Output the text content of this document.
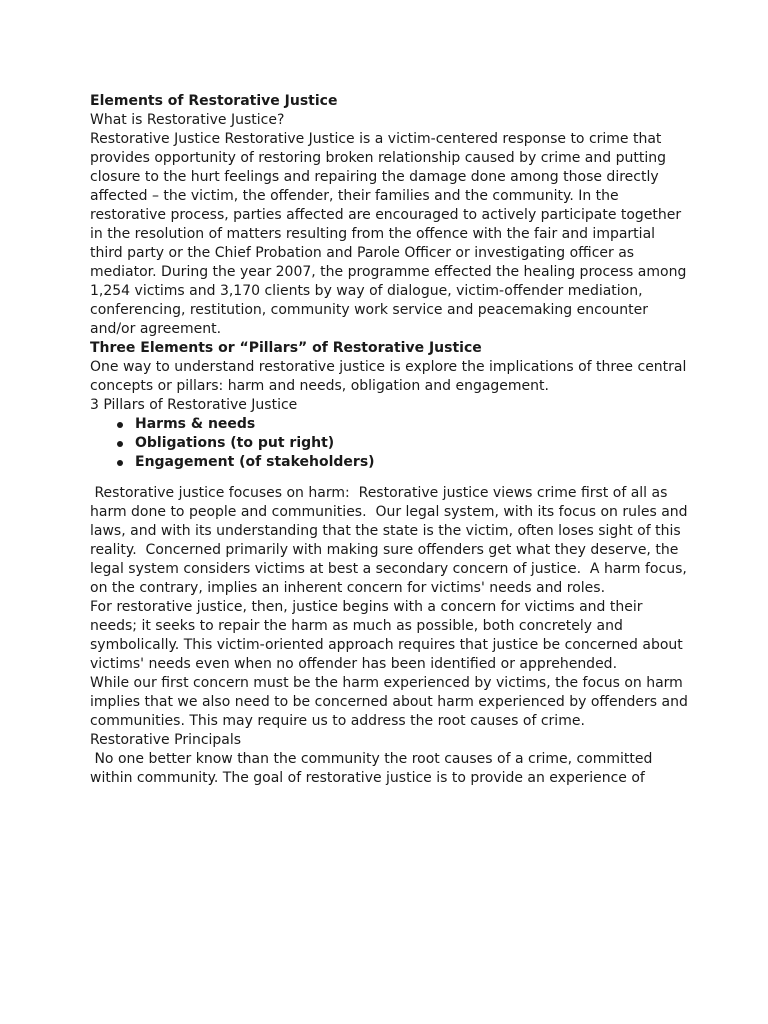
Elements of Restorative Justice

What is Restorative Justice?

Restorative Justice Restorative Justice is a victim-centered response to crime that provides opportunity of restoring broken relationship caused by crime and putting closure to the hurt feelings and repairing the damage done among those directly affected – the victim, the offender, their families and the community. In the restorative process, parties affected are encouraged to actively participate together in the resolution of matters resulting from the offence with the fair and impartial third party or the Chief Probation and Parole Officer or investigating officer as mediator. During the year 2007, the programme effected the healing process among 1,254 victims and 3,170 clients by way of dialogue, victim-offender mediation, conferencing, restitution, community work service and peacemaking encounter and/or agreement.

Three Elements or “Pillars” of Restorative Justice

One way to understand restorative justice is explore the implications of three central concepts or pillars: harm and needs, obligation and engagement.

3 Pillars of Restorative Justice

Harms & needs
Obligations (to put right)
Engagement (of stakeholders)

Restorative justice focuses on harm:  Restorative justice views crime first of all as harm done to people and communities.  Our legal system, with its focus on rules and laws, and with its understanding that the state is the victim, often loses sight of this reality.  Concerned primarily with making sure offenders get what they deserve, the legal system considers victims at best a secondary concern of justice.  A harm focus, on the contrary, implies an inherent concern for victims' needs and roles.

For restorative justice, then, justice begins with a concern for victims and their needs; it seeks to repair the harm as much as possible, both concretely and symbolically. This victim-oriented approach requires that justice be concerned about victims' needs even when no offender has been identified or apprehended.

While our first concern must be the harm experienced by victims, the focus on harm implies that we also need to be concerned about harm experienced by offenders and communities. This may require us to address the root causes of crime.

Restorative Principals

No one better know than the community the root causes of a crime, committed within community. The goal of restorative justice is to provide an experience of
